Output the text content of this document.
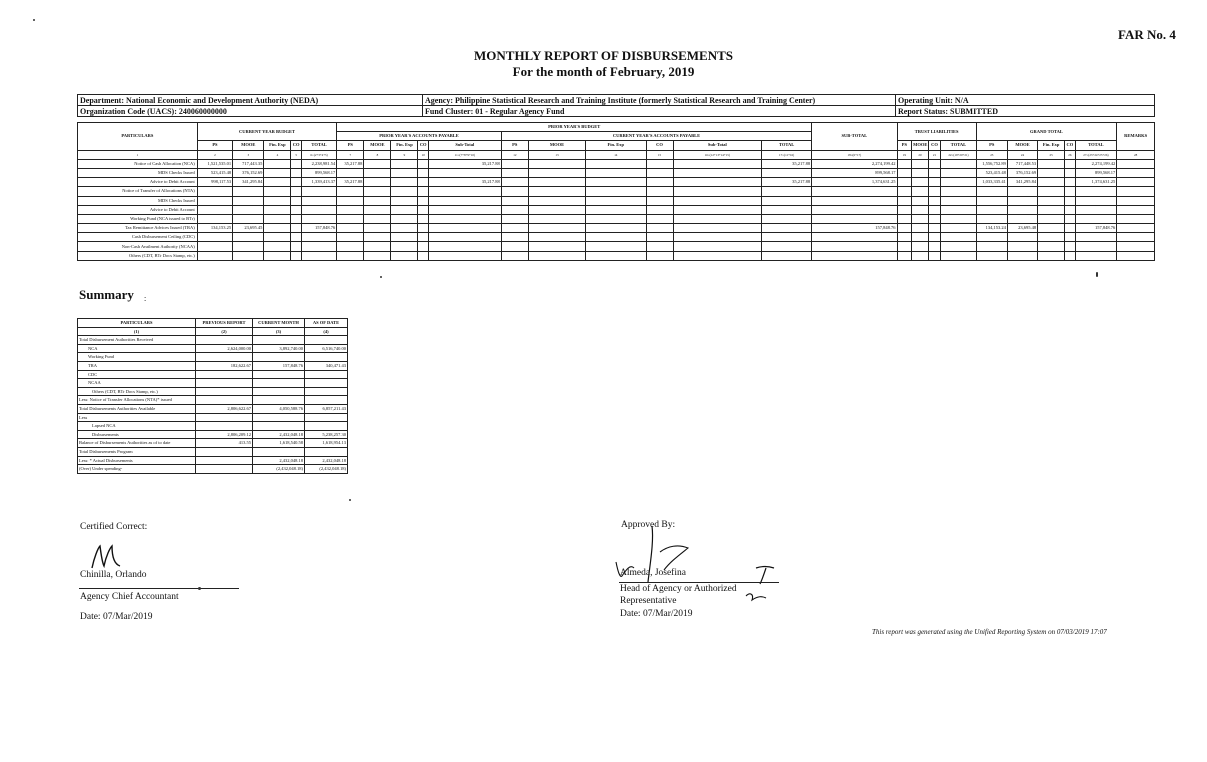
FAR No. 4
MONTHLY REPORT OF DISBURSEMENTS
For the month of February, 2019
Department: National Economic and Development Authority (NEDA)	Agency: Philippine Statistical Research and Training Institute (formerly Statistical Research and Training Center)	Operating Unit: N/A
Organization Code (UACS): 240060000000	Fund Cluster: 01 - Regular Agency Fund	Report Status: SUBMITTED
PARTICULARS	CURRENT YEAR BUDGET					PRIOR YEAR'S BUDGET											SUB-TOTAL	TRUST LIABILITIES				GRAND TOTAL					REMARKS
						PRIOR YEAR'S ACCOUNTS PAYABLE					CURRENT YEAR'S ACCOUNTS PAYABLE																
	PS	MOOE	Fin. Exp	CO	TOTAL	PS	MOOE	Fin. Exp	CO	Sub-Total	PS	MOOE	Fin. Exp	CO	Sub-Total	TOTAL		PS	MOOE	CO	TOTAL	PS	MOOE	Fin. Exp	CO	TOTAL	
1	2	3	4	5	6=(2+3+4+5)	7	8	9	10	11=(7+8+9+10)	12	13	14	15	16=(12+13+14+15)	17=(11+16)	18=(6+17)	19	20	21	22=(19+20+21)	23	24	25	26	27=(23+24+25+26)	28
Notice of Cash Allocation (NCA)	1,521,535.01	717,443.35			2,238,981.54	35,217.88				35,217.88						35,217.88	2,274,199.42					1,556,752.89	717,448.53			2,274,199.42	
MDS Checks Issued	523,415.48	376,152.69			899,568.17												899,568.17					523,415.48	376,152.69			899,568.17	
Advice to Debit Account	998,117.53	341,295.84			1,339,413.37	35,217.88				35,217.88						35,217.88	1,374,631.25					1,033,335.41	341,295.84			1,374,631.25	
Notice of Transfer of Allocations (NTA)																											
MDS Checks Issued																											
Advice to Debit Account																											
Working Fund (NCA issued to BTr)																											
Tax Remittance Advices Issued (TRA)	134,153.25	23,695.45			157,848.76												157,848.76					134,153.24	23,695.48			157,848.76	
Cash Disbursement Ceiling (CDC)																											
Non-Cash Availment Authority (NCAA)																											
Others (CDT, BTr Docs Stamp, etc.)																											
Summary :
PARTICULARS	PREVIOUS REPORT	CURRENT MONTH	AS OF DATE
(1)	(2)	(3)	(4)
Total Disbursement Authorities Received			
NCA	2,624,000.00	3,892,740.00	6,516,740.00
Working Fund			
TRA	182,622.67	157,848.76	340,471.43
CDC			
NCAA			
Others (CDT, BTr Docs Stamp, etc.)			
Less: Notice of Transfer Allocations (NTA)* issued			
Total Disbursements Authorities Available	2,806,622.67	4,050,588.76	6,857,211.43
Less			
Lapsed NCA			
Disbursements	2,806,209.12	2,432,048.18	5,238,257.30
Balance of Disbursements Authorities as of to date	413.55	1,618,540.58	1,618,954.13
Total Disbursements Program			
Less: * Actual Disbursements		2,432,048.18	2,432,048.18
(Over) Under spending-		(2,432,048.18)	(2,432,048.18)
Certified Correct:
Chinilla, Orlando
Agency Chief Accountant
Date: 07/Mar/2019
Approved By:
Almeda, Josefina
Head of Agency or Authorized
Representative
Date: 07/Mar/2019
This report was generated using the Unified Reporting System on 07/03/2019 17:07
